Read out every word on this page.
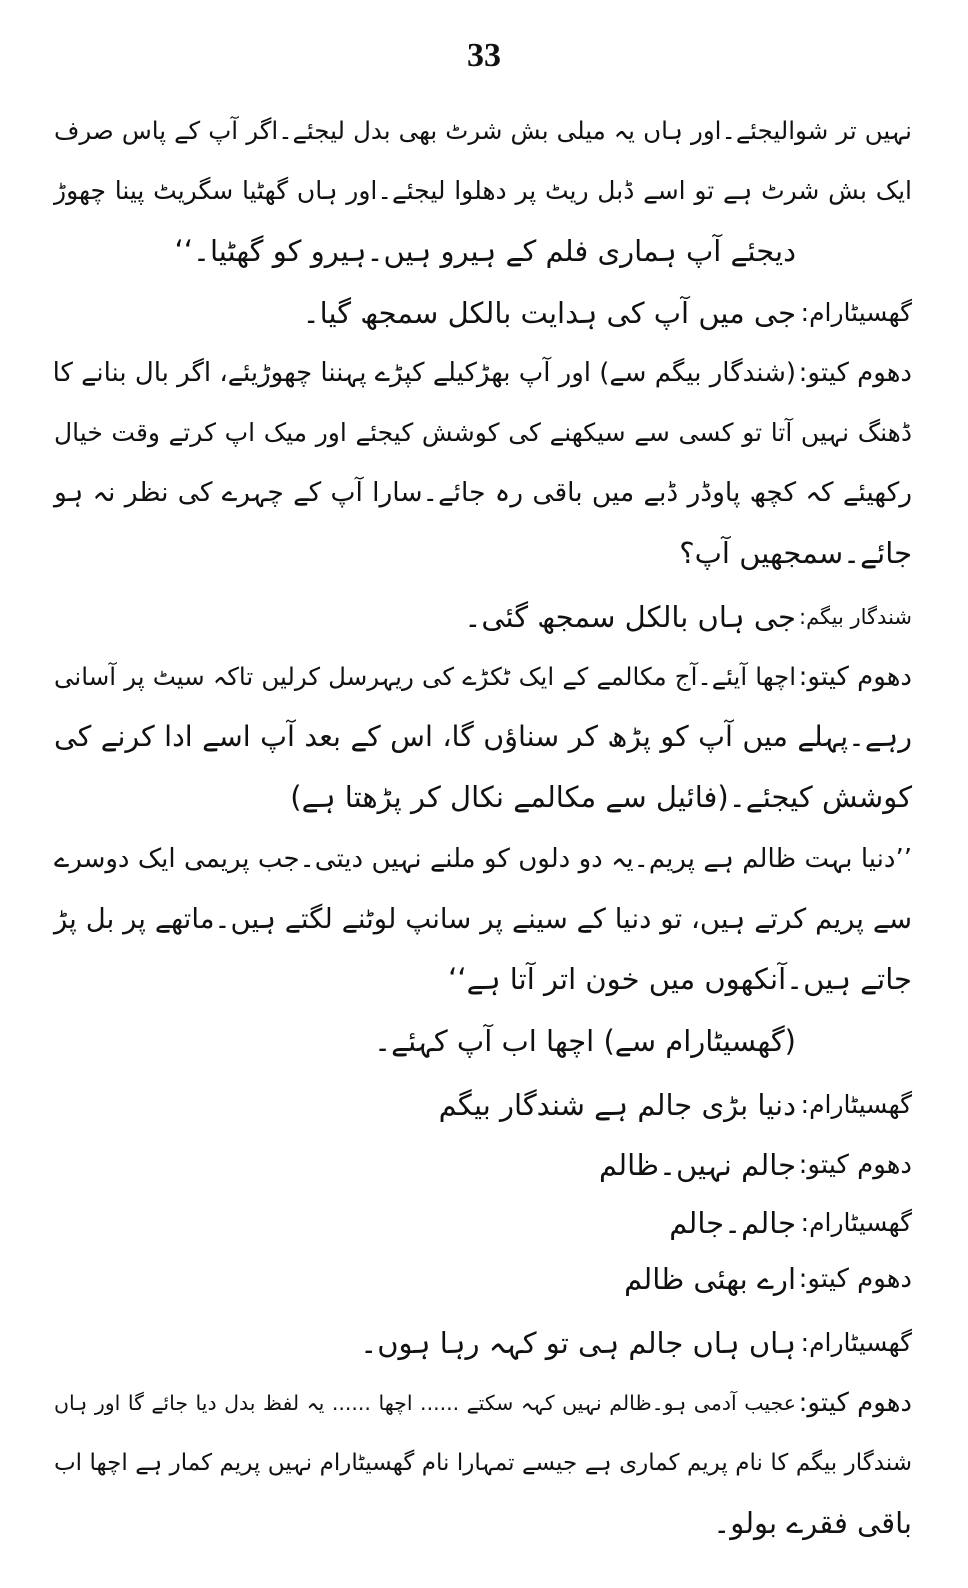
33
نہیں تر شوالیجئے۔اور ہاں یہ میلی بش شرٹ بھی بدل لیجئے۔اگر آپ کے پاس صرف
ایک بش شرٹ ہے تو اسے ڈبل ریٹ پر دھلوا لیجئے۔اور ہاں گھٹیا سگریٹ پینا چھوڑ
دیجئے آپ ہماری فلم کے ہیرو ہیں۔ہیرو کو گھٹیا۔‘‘
گھسیٹارام:
جی میں آپ کی ہدایت بالکل سمجھ گیا۔
دھوم کیتو:
(شندگار بیگم سے) اور آپ بھڑکیلے کپڑے پہننا چھوڑیئے، اگر بال بنانے کا
ڈھنگ نہیں آتا تو کسی سے سیکھنے کی کوشش کیجئے اور میک اپ کرتے وقت خیال
رکھیئے کہ کچھ پاوڈر ڈبے میں باقی رہ جائے۔سارا آپ کے چہرے کی نظر نہ ہو
جائے۔سمجھیں آپ؟
شندگار بیگم:
جی ہاں بالکل سمجھ گئی۔
دھوم کیتو:
اچھا آیئے۔آج مکالمے کے ایک ٹکڑے کی ریہرسل کرلیں تاکہ سیٹ پر آسانی
رہے۔پہلے میں آپ کو پڑھ کر سناؤں گا، اس کے بعد آپ اسے ادا کرنے کی
کوشش کیجئے۔(فائیل سے مکالمے نکال کر پڑھتا ہے)
’’دنیا بہت ظالم ہے پریم۔یہ دو دلوں کو ملنے نہیں دیتی۔جب پریمی ایک دوسرے
سے پریم کرتے ہیں، تو دنیا کے سینے پر سانپ لوٹنے لگتے ہیں۔ماتھے پر بل پڑ
جاتے ہیں۔آنکھوں میں خون اتر آتا ہے‘‘
(گھسیٹارام سے) اچھا اب آپ کہئے۔
گھسیٹارام:
دنیا بڑی جالم ہے شندگار بیگم
دھوم کیتو:
جالم نہیں۔ظالم
گھسیٹارام:
جالم۔جالم
دھوم کیتو:
ارے بھئی ظالم
گھسیٹارام:
ہاں ہاں جالم ہی تو کہہ رہا ہوں۔
دھوم کیتو:
عجیب آدمی ہو۔ظالم نہیں کہہ سکتے ...... اچھا ...... یہ لفظ بدل دیا جائے گا اور ہاں
شندگار بیگم کا نام پریم کماری ہے جیسے تمہارا نام گھسیٹارام نہیں پریم کمار ہے اچھا اب
باقی فقرے بولو۔
